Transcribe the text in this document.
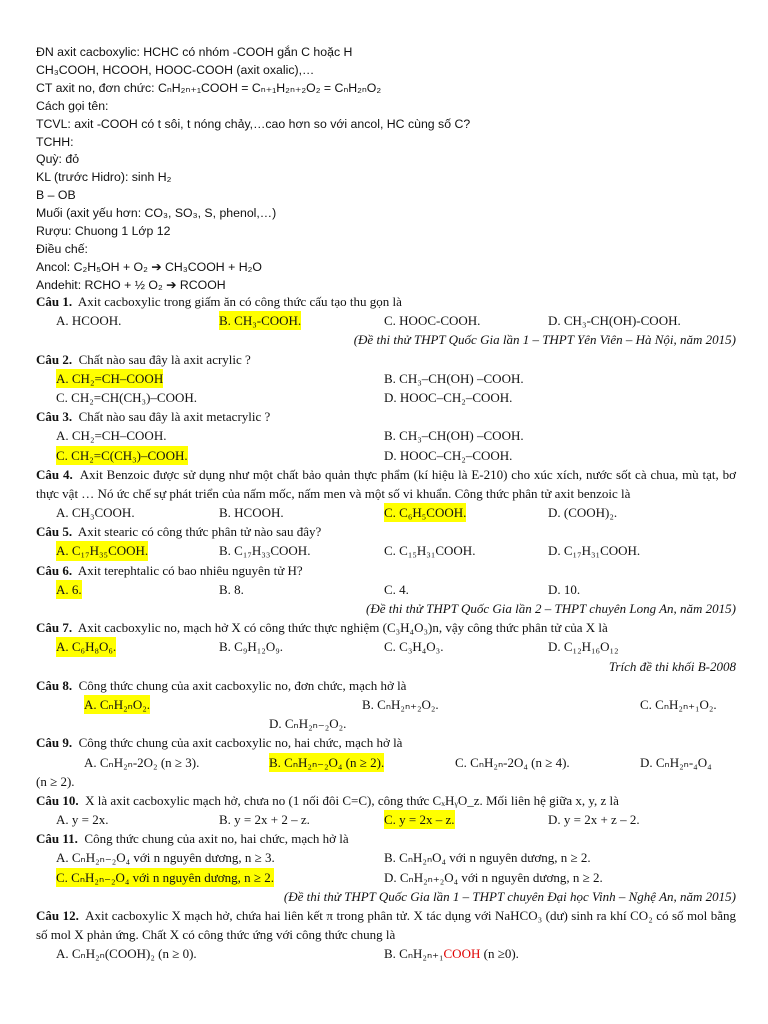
ĐN axit cacboxylic: HCHC có nhóm -COOH gắn C hoặc H
CH₃COOH, HCOOH, HOOC-COOH (axit oxalic),…
CT axit no, đơn chức: CₙH₂ₙ₊₁COOH = Cₙ₊₁H₂ₙ₊₂O₂ = CₙH₂ₙO₂
Cách gọi tên:
TCVL: axit -COOH có t sôi, t nóng chảy,…cao hơn so với ancol, HC cùng số C?
TCHH:
Quỳ: đỏ
KL (trước Hidro): sinh H₂
B – OB
Muối (axit yếu hơn: CO₃, SO₃, S, phenol,…)
Rượu: Chuong 1 Lớp 12
Điều chế:
Ancol: C₂H₅OH + O₂ ➔ CH₃COOH + H₂O
Andehit: RCHO + ½ O₂ ➔ RCOOH
Câu 1. Axit cacboxylic trong giấm ăn có công thức cấu tạo thu gọn là
A. HCOOH.	B. CH₃-COOH.	C. HOOC-COOH.	D. CH₃-CH(OH)-COOH.
(Đề thi thử THPT Quốc Gia lần 1 – THPT Yên Viên – Hà Nội, năm 2015)
Câu 2. Chất nào sau đây là axit acrylic ?
A. CH₂=CH–COOH	B. CH₃–CH(OH) –COOH.
C. CH₂=CH(CH₃)–COOH.	D. HOOC–CH₂–COOH.
Câu 3. Chất nào sau đây là axit metacrylic ?
A. CH₂=CH–COOH.	B. CH₃–CH(OH) –COOH.
C. CH₂=C(CH₃)–COOH.	D. HOOC–CH₂–COOH.
Câu 4. Axit Benzoic được sử dụng như một chất bảo quản thực phẩm (kí hiệu là E-210) cho xúc xích, nước sốt cà chua, mù tạt, bơ thực vật … Nó ức chế sự phát triển của nấm mốc, nấm men và một số vi khuẩn. Công thức phân tử axit benzoic là
A. CH₃COOH.	B. HCOOH.	C. C₆H₅COOH.	D. (COOH)₂.
Câu 5. Axit stearic có công thức phân tử nào sau đây?
A. C₁₇H₃₅COOH.	B. C₁₇H₃₃COOH.	C. C₁₅H₃₁COOH.	D. C₁₇H₃₁COOH.
Câu 6. Axit terephtalic có bao nhiêu nguyên tử H?
A. 6.	B. 8.	C. 4.	D. 10.
(Đề thi thử THPT Quốc Gia lần 2 – THPT chuyên Long An, năm 2015)
Câu 7. Axit cacboxylic no, mạch hở X có công thức thực nghiệm (C₃H₄O₃)n, vậy công thức phân tử của X là
A. C₆H₈O₆.	B. C₉H₁₂O₉.	C. C₃H₄O₃.	D. C₁₂H₁₆O₁₂
Trích đề thi khối B-2008
Câu 8. Công thức chung của axit cacboxylic no, đơn chức, mạch hở là
A. CₙH₂ₙO₂.	B. CₙH₂ₙ₊₂O₂.	C. CₙH₂ₙ₊₁O₂.
D. CₙH₂ₙ₋₂O₂.
Câu 9. Công thức chung của axit cacboxylic no, hai chức, mạch hở là
A. CₙH₂ₙ-2O₂ (n ≥ 3).	B. CₙH₂ₙ₋₂O₄ (n ≥ 2).	C. CₙH₂ₙ-2O₄ (n ≥ 4).	D. CₙH₂ₙ-₄O₄
(n ≥ 2).
Câu 10. X là axit cacboxylic mạch hở, chưa no (1 nối đôi C=C), công thức CₓHᵧO_z. Mối liên hệ giữa x, y, z là
A. y = 2x.	B. y = 2x + 2 – z.	C. y = 2x – z.	D. y = 2x + z – 2.
Câu 11. Công thức chung của axit no, hai chức, mạch hở là
A. CₙH₂ₙ₋₂O₄ với n nguyên dương, n ≥ 3.	B. CₙH₂ₙO₄ với n nguyên dương, n ≥ 2.
C. CₙH₂ₙ₋₂O₄ với n nguyên dương, n ≥ 2.	D. CₙH₂ₙ₊₂O₄ với n nguyên dương, n ≥ 2.
(Đề thi thử THPT Quốc Gia lần 1 – THPT chuyên Đại học Vinh – Nghệ An, năm 2015)
Câu 12. Axit cacboxylic X mạch hở, chứa hai liên kết π trong phân tử. X tác dụng với NaHCO₃ (dư) sinh ra khí CO₂ có số mol bằng số mol X phản ứng. Chất X có công thức ứng với công thức chung là
A. CₙH₂ₙ(COOH)₂ (n ≥ 0).	B. CₙH₂ₙ₊₁COOH (n ≥0).
